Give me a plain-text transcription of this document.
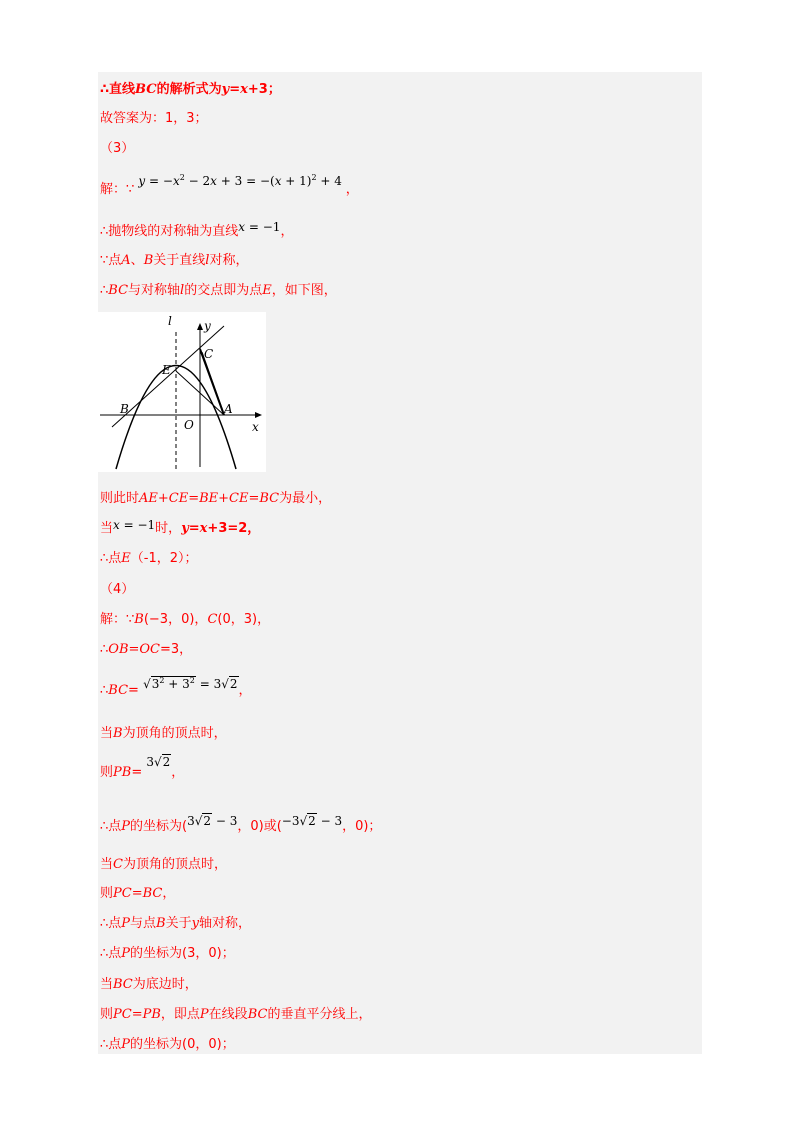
∴直线BC的解析式为y=x+3；
故答案为：1，3；
（3）
解：∵ $y = -x^2 - 2x + 3 = -(x + 1)^2 + 4$ ，
∴抛物线的对称轴为直线x = −1，
∵点A、B关于直线l对称，
∴BC与对称轴l的交点即为点E，如下图，
l	y
C
E
B	A
O	x
则此时AE+CE=BE+CE=BC为最小，
当x = −1时，y=x+3=2，
∴点E（‐1，2）；
（4）
解：∵B(−3，0)，C(0，3)，
∴OB=OC=3，
∴BC= $√3^2 + 3^2 = 3√2$，
当B为顶角的顶点时，
则PB= 3√2，
∴点P的坐标为(3√2 − 3，0)或(−3√2 − 3，0)；
当C为顶角的顶点时，
则PC=BC，
∴点P与点B关于y轴对称，
∴点P的坐标为(3，0)；
当BC为底边时，
则PC=PB，即点P在线段BC的垂直平分线上，
∴点P的坐标为(0，0)；
